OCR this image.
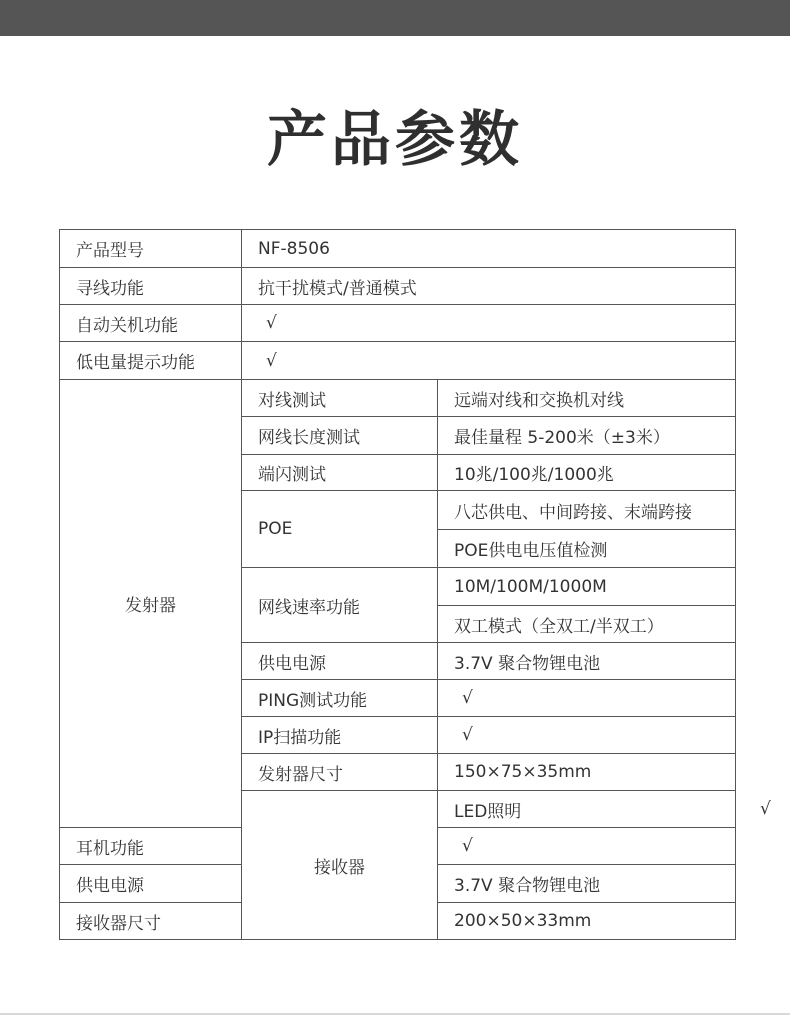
产品参数
产品型号	NF-8506		
寻线功能	抗干扰模式/普通模式		
自动关机功能	√		
低电量提示功能	√		
发射器	对线测试	远端对线和交换机对线	
	网线长度测试	最佳量程 5-200米（±3米）	
	端闪测试	10兆/100兆/1000兆	
	POE	八芯供电、中间跨接、末端跨接	
		POE供电电压值检测	
	网线速率功能	10M/100M/1000M	
		双工模式（全双工/半双工）	
	供电电源	3.7V 聚合物锂电池	
	PING测试功能	√	
	IP扫描功能	√	
	发射器尺寸	150×75×35mm	
	接收器	LED照明	√
耳机功能		√	
供电电源		3.7V 聚合物锂电池	
接收器尺寸		200×50×33mm	
